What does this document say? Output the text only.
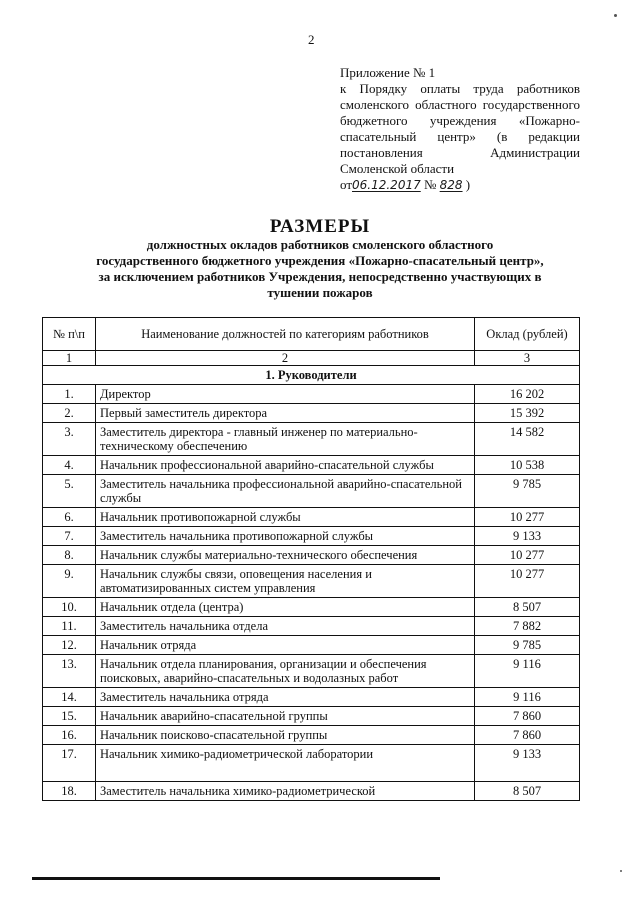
2
Приложение № 1
к Порядку оплаты труда работников смоленского областного государственного бюджетного учреждения «Пожарно-спасательный центр» (в редакции постановления Администрации Смоленской области
от06.12.2017 № 828 )
РАЗМЕРЫ
должностных окладов работников смоленского областного государственного бюджетного учреждения «Пожарно-спасательный центр», за исключением работников Учреждения, непосредственно участвующих в тушении пожаров
№ п\п	Наименование должностей по категориям работников	Оклад (рублей)
1	2	3
1. Руководители		
1.	Директор	16 202
2.	Первый заместитель директора	15 392
3.	Заместитель директора - главный инженер по материально-техническому обеспечению	14 582
4.	Начальник профессиональной аварийно-спасательной службы	10 538
5.	Заместитель начальника профессиональной аварийно-спасательной службы	9 785
6.	Начальник противопожарной службы	10 277
7.	Заместитель начальника противопожарной службы	9 133
8.	Начальник службы материально-технического обеспечения	10 277
9.	Начальник службы связи, оповещения населения и автоматизированных систем управления	10 277
10.	Начальник отдела (центра)	8 507
11.	Заместитель начальника отдела	7 882
12.	Начальник отряда	9 785
13.	Начальник отдела планирования, организации и обеспечения поисковых, аварийно-спасательных и водолазных работ	9 116
14.	Заместитель начальника отряда	9 116
15.	Начальник аварийно-спасательной группы	7 860
16.	Начальник поисково-спасательной группы	7 860
17.	Начальник химико-радиометрической лаборатории	9 133
18.	Заместитель начальника химико-радиометрической	8 507
